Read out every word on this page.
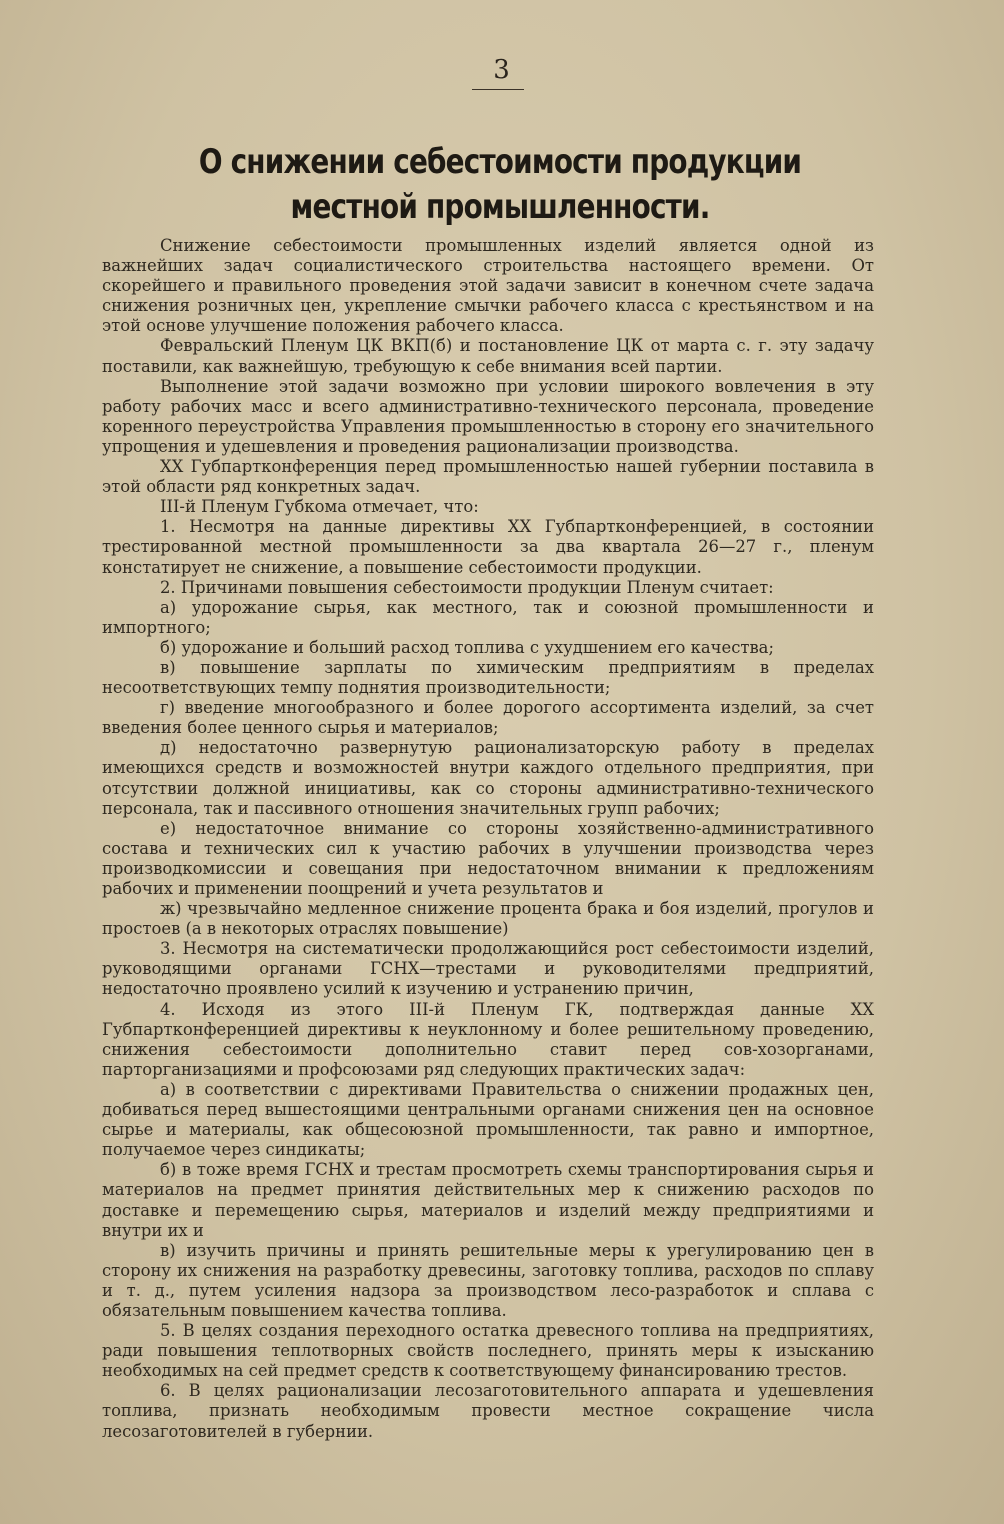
3
О снижении себестоимости продукции местной промышленности.

Снижение себестоимости промышленных изделий является одной из важнейших задач социалистического строительства настоящего времени. От скорейшего и правильного проведения этой задачи зависит в конечном счете задача снижения розничных цен, укрепление смычки рабочего класса с крестьянством и на этой основе улучшение положения рабочего класса.

Февральский Пленум ЦК ВКП(б) и постановление ЦК от марта с. г. эту задачу поставили, как важнейшую, требующую к себе внимания всей партии.

Выполнение этой задачи возможно при условии широкого вовлечения в эту работу рабочих масс и всего административно-технического персонала, проведение коренного переустройства Управления промышленностью в сторону его значительного упрощения и удешевления и проведения рационализации производства.

XX Губпартконференция перед промышленностью нашей губернии поставила в этой области ряд конкретных задач.

III-й Пленум Губкома отмечает, что:

1. Несмотря на данные директивы XX Губпартконференцией, в состоянии трестированной местной промышленности за два квартала 26—27 г., пленум констатирует не снижение, а повышение себестоимости продукции.

2. Причинами повышения себестоимости продукции Пленум считает:

а) удорожание сырья, как местного, так и союзной промышленности и импортного;

б) удорожание и больший расход топлива с ухудшением его качества;

в) повышение зарплаты по химическим предприятиям в пределах несоответствующих темпу поднятия производительности;

г) введение многообразного и более дорогого ассортимента изделий, за счет введения более ценного сырья и материалов;

д) недостаточно развернутую рационализаторскую работу в пределах имеющихся средств и возможностей внутри каждого отдельного предприятия, при отсутствии должной инициативы, как со стороны административно-технического персонала, так и пассивного отношения значительных групп рабочих;

е) недостаточное внимание со стороны хозяйственно-административного состава и технических сил к участию рабочих в улучшении производства через производкомиссии и совещания при недостаточном внимании к предложениям рабочих и применении поощрений и учета результатов и

ж) чрезвычайно медленное снижение процента брака и боя изделий, прогулов и простоев (а в некоторых отраслях повышение)

3. Несмотря на систематически продолжающийся рост себестоимости изделий, руководящими органами ГСНХ—трестами и руководителями предприятий, недостаточно проявлено усилий к изучению и устранению причин,

4. Исходя из этого III-й Пленум ГК, подтверждая данные XX Губпартконференцией директивы к неуклонному и более решительному проведению, снижения себестоимости дополнительно ставит перед сов-хозорганами, парторганизациями и профсоюзами ряд следующих практических задач:

а) в соответствии с директивами Правительства о снижении продажных цен, добиваться перед вышестоящими центральными органами снижения цен на основное сырье и материалы, как общесоюзной промышленности, так равно и импортное, получаемое через синдикаты;

б) в тоже время ГСНХ и трестам просмотреть схемы транспортирования сырья и материалов на предмет принятия действительных мер к снижению расходов по доставке и перемещению сырья, материалов и изделий между предприятиями и внутри их и

в) изучить причины и принять решительные меры к урегулированию цен в сторону их снижения на разработку древесины, заготовку топлива, расходов по сплаву и т. д., путем усиления надзора за производством лесо-разработок и сплава с обязательным повышением качества топлива.

5. В целях создания переходного остатка древесного топлива на предприятиях, ради повышения теплотворных свойств последнего, принять меры к изысканию необходимых на сей предмет средств к соответствующему финансированию трестов.

6. В целях рационализации лесозаготовительного аппарата и удешевления топлива, признать необходимым провести местное сокращение числа лесозаготовителей в губернии.
